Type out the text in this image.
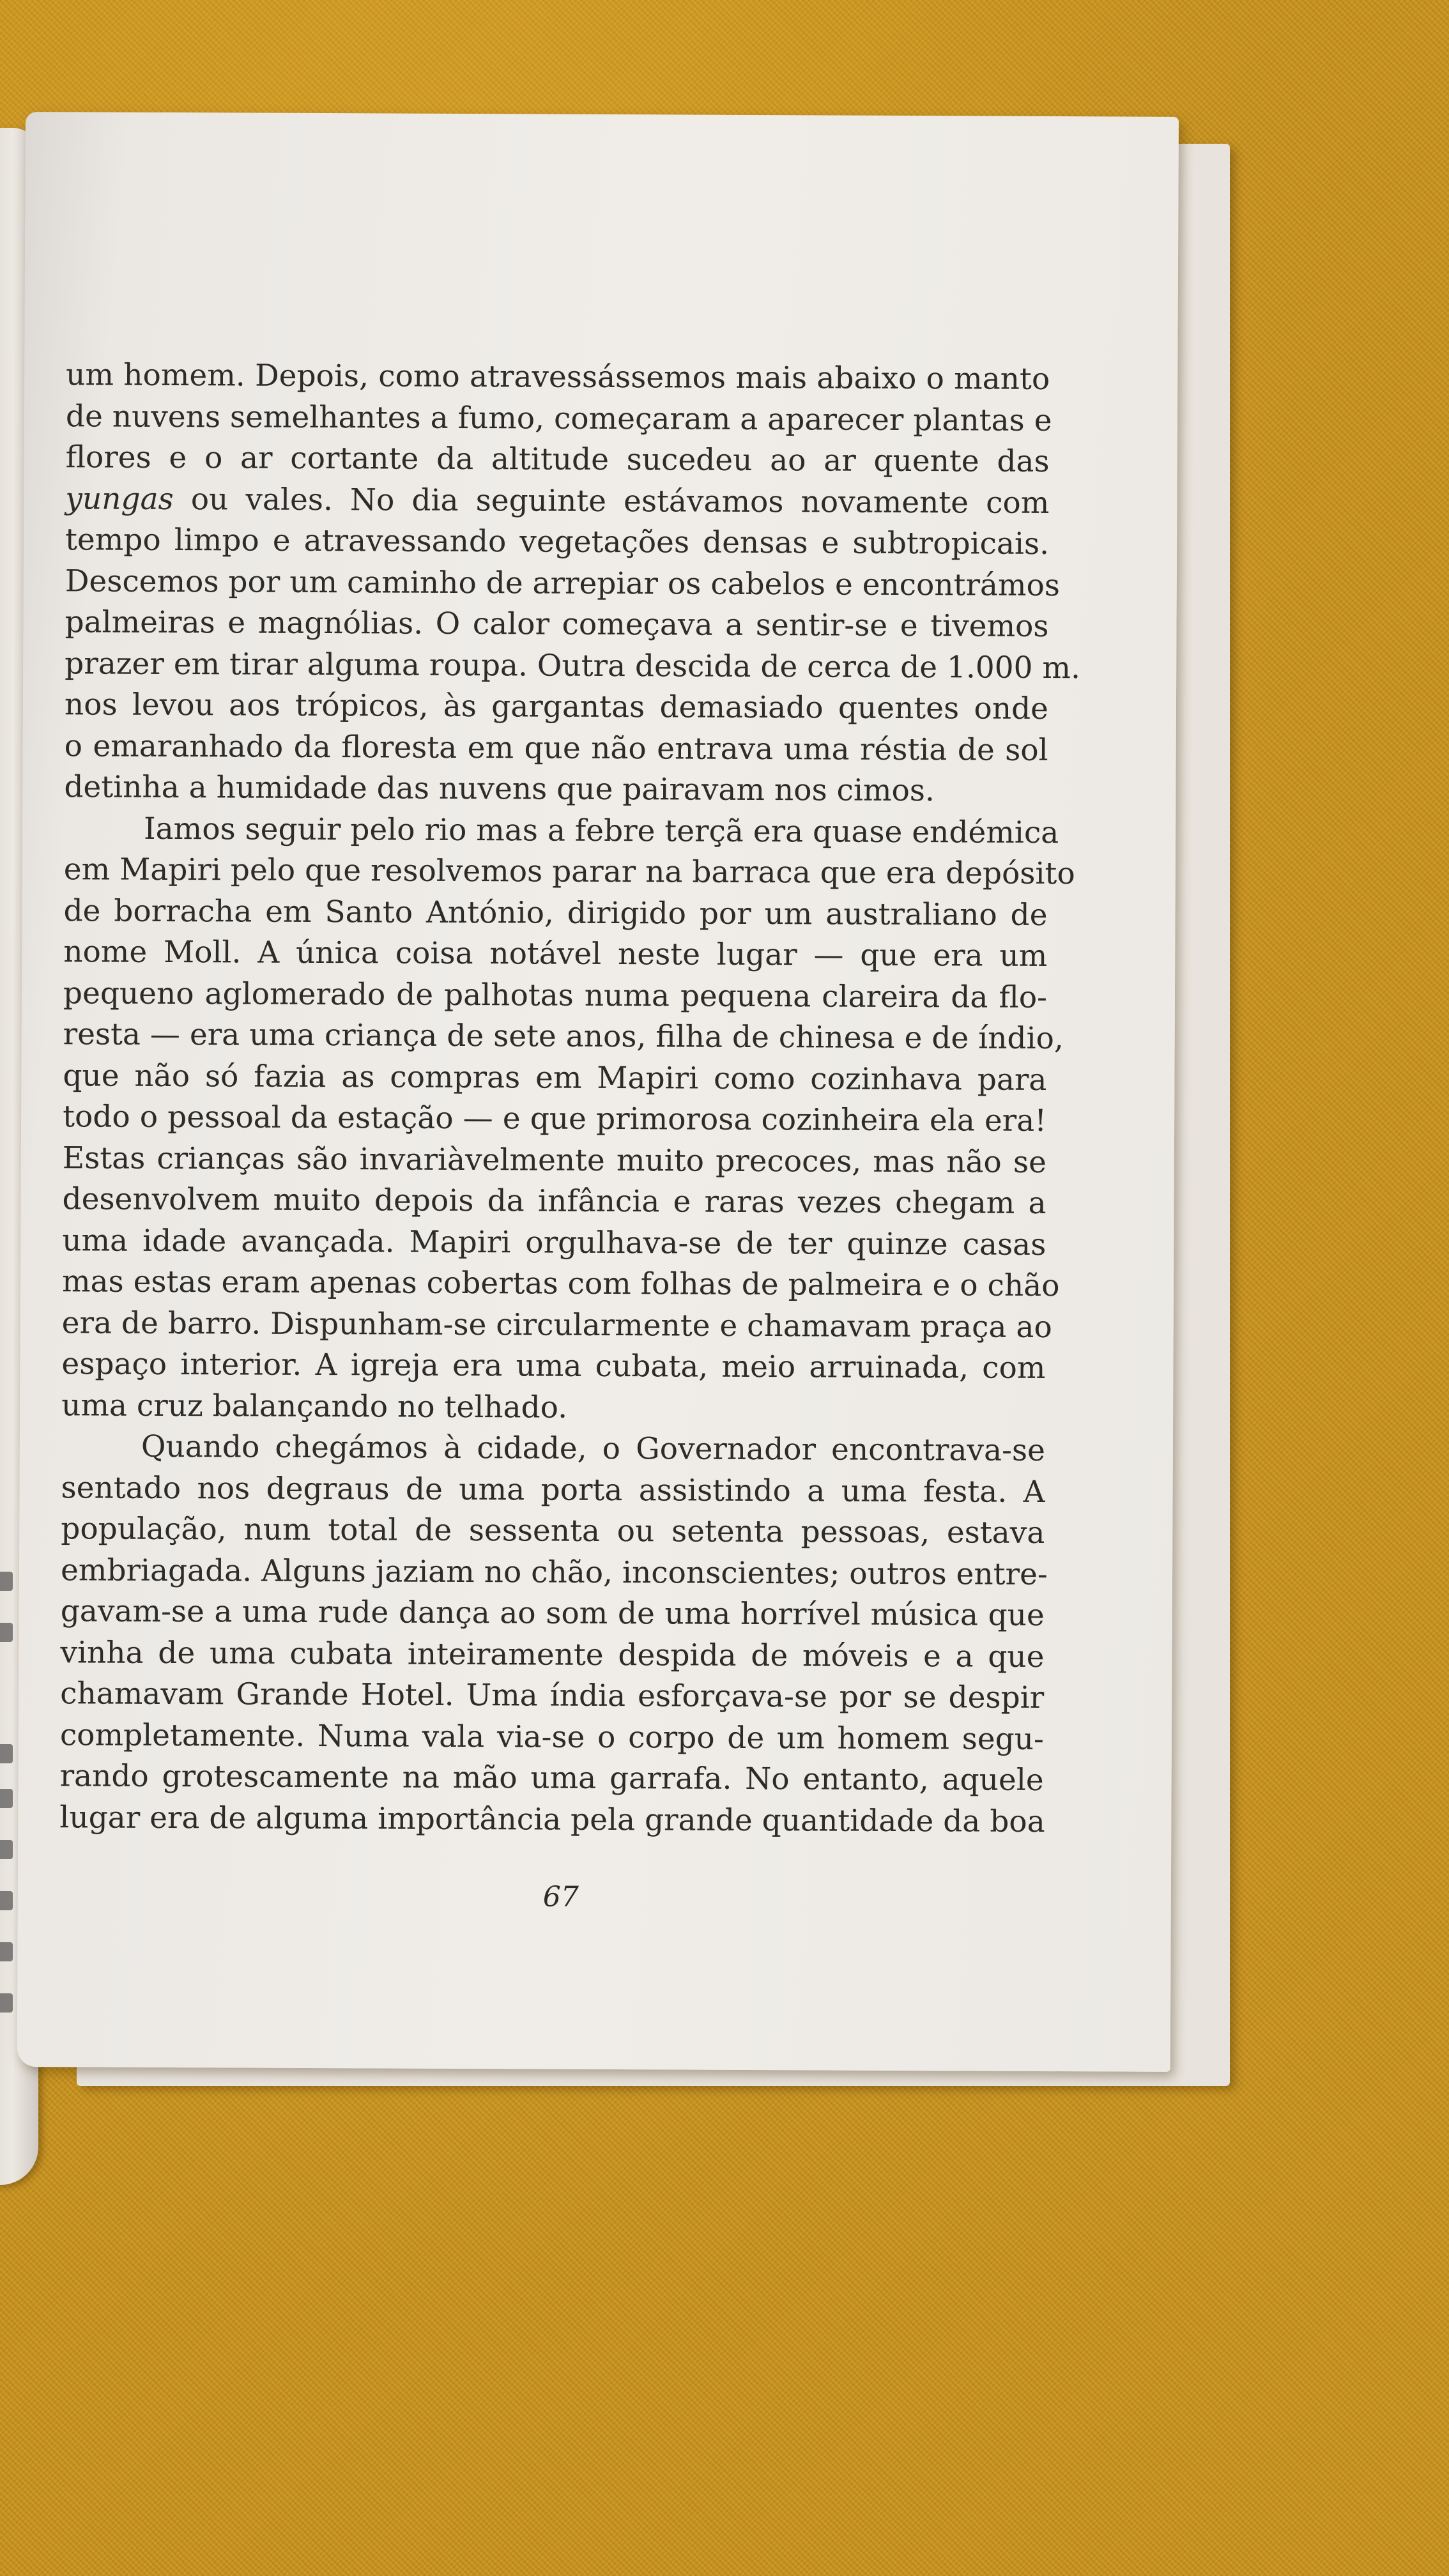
um homem. Depois, como atravessássemos mais abaixo o manto
de nuvens semelhantes a fumo, começaram a aparecer plantas e
flores e o ar cortante da altitude sucedeu ao ar quente das
yungas ou vales. No dia seguinte estávamos novamente com
tempo limpo e atravessando vegetações densas e subtropicais.
Descemos por um caminho de arrepiar os cabelos e encontrámos
palmeiras e magnólias. O calor começava a sentir-se e tivemos
prazer em tirar alguma roupa. Outra descida de cerca de 1.000 m.
nos levou aos trópicos, às gargantas demasiado quentes onde
o emaranhado da floresta em que não entrava uma réstia de sol
detinha a humidade das nuvens que pairavam nos cimos.
Iamos seguir pelo rio mas a febre terçã era quase endémica
em Mapiri pelo que resolvemos parar na barraca que era depósito
de borracha em Santo António, dirigido por um australiano de
nome Moll. A única coisa notável neste lugar — que era um
pequeno aglomerado de palhotas numa pequena clareira da flo-
resta — era uma criança de sete anos, filha de chinesa e de índio,
que não só fazia as compras em Mapiri como cozinhava para
todo o pessoal da estação — e que primorosa cozinheira ela era!
Estas crianças são invariàvelmente muito precoces, mas não se
desenvolvem muito depois da infância e raras vezes chegam a
uma idade avançada. Mapiri orgulhava-se de ter quinze casas
mas estas eram apenas cobertas com folhas de palmeira e o chão
era de barro. Dispunham-se circularmente e chamavam praça ao
espaço interior. A igreja era uma cubata, meio arruinada, com
uma cruz balançando no telhado.
Quando chegámos à cidade, o Governador encontrava-se
sentado nos degraus de uma porta assistindo a uma festa. A
população, num total de sessenta ou setenta pessoas, estava
embriagada. Alguns jaziam no chão, inconscientes; outros entre-
gavam-se a uma rude dança ao som de uma horrível música que
vinha de uma cubata inteiramente despida de móveis e a que
chamavam Grande Hotel. Uma índia esforçava-se por se despir
completamente. Numa vala via-se o corpo de um homem segu-
rando grotescamente na mão uma garrafa. No entanto, aquele
lugar era de alguma importância pela grande quantidade da boa
67
